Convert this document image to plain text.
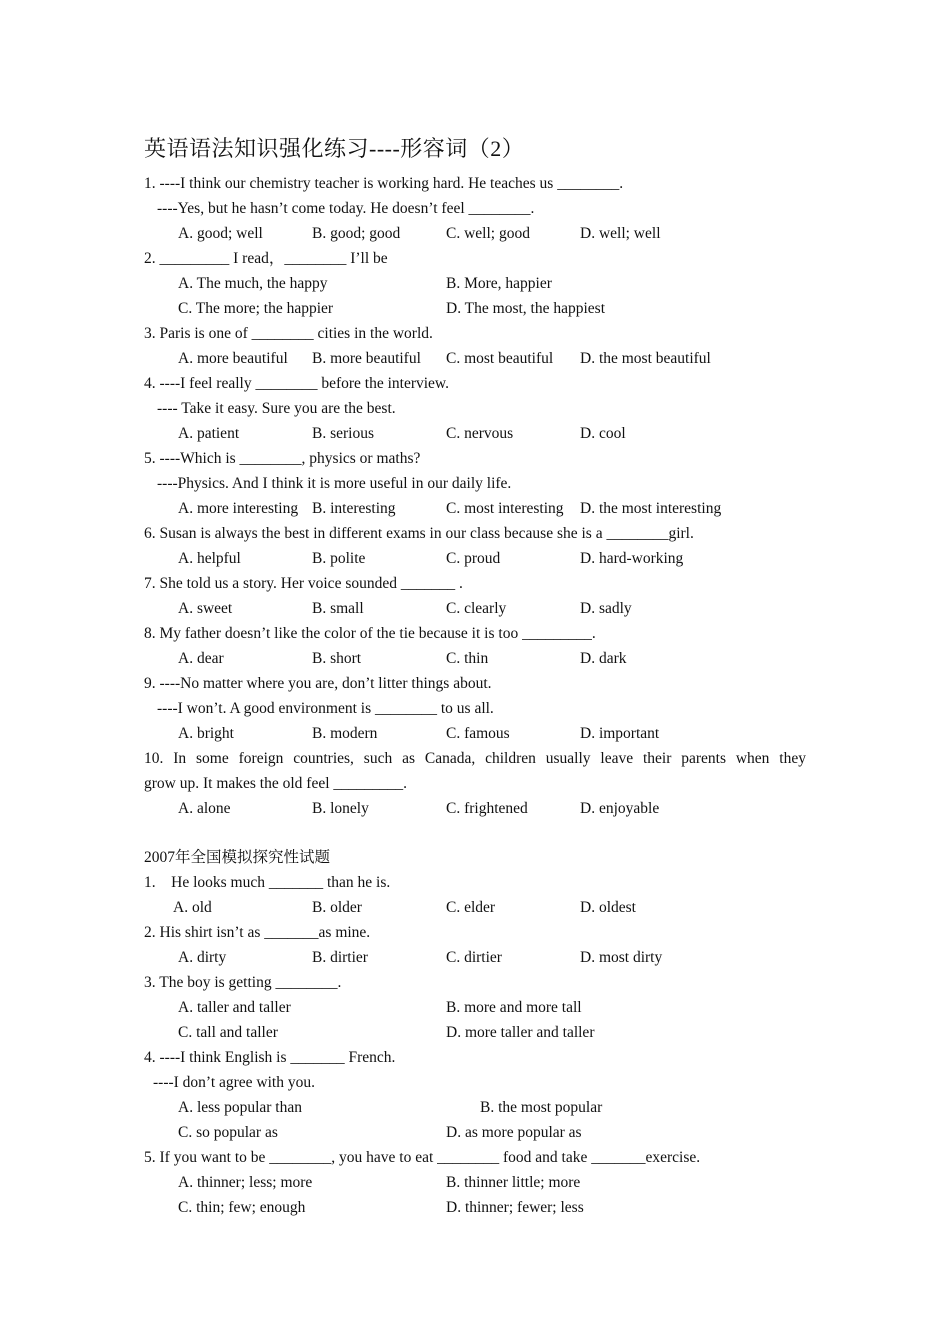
英语语法知识强化练习----形容词（2）
1. ----I think our chemistry teacher is working hard. He teaches us ________.
----Yes, but he hasn’t come today. He doesn’t feel ________.
A. good; well	B. good; good	C. well; good	D. well; well
2. _________ I read，________ I’ll be
A. The much, the happy	B. More, happier
C. The more; the happier	D. The most, the happiest
3. Paris is one of ________ cities in the world.
A. more beautiful	B. more beautiful	C. most beautiful	D. the most beautiful
4. ----I feel really ________ before the interview.
---- Take it easy. Sure you are the best.
A. patient	B. serious	C. nervous	D. cool
5. ----Which is ________, physics or maths?
----Physics. And I think it is more useful in our daily life.
A. more interesting B. interesting	C. most interesting	D. the most interesting
6. Susan is always the best in different exams in our class because she is a ________girl.
A. helpful	B. polite	C. proud	D. hard-working
7. She told us a story. Her voice sounded _______ .
A. sweet	B. small	C. clearly	D. sadly
8. My father doesn’t like the color of the tie because it is too _________.
A. dear	B. short	C. thin	D. dark
9. ----No matter where you are, don’t litter things about.
----I won’t. A good environment is ________ to us all.
A. bright	B. modern	C. famous	D. important
10. In some foreign countries, such as Canada, children usually leave their parents when they
grow up. It makes the old feel _________.
A. alone	B. lonely	C. frightened	D. enjoyable
2007年全国模拟探究性试题
1.    He looks much _______ than he is.
A. old	B. older	C. elder	D. oldest
2. His shirt isn’t as _______as mine.
A. dirty	B. dirtier	C. dirtier	D. most dirty
3. The boy is getting ________.
A. taller and taller	B. more and more tall
C. tall and taller	D. more taller and taller
4. ----I think English is _______ French.
----I don’t agree with you.
A. less popular than	B. the most popular
C. so popular as	D. as more popular as
5. If you want to be ________, you have to eat ________ food and take _______exercise.
A. thinner; less; more	B. thinner little; more
C. thin; few; enough	D. thinner; fewer; less
